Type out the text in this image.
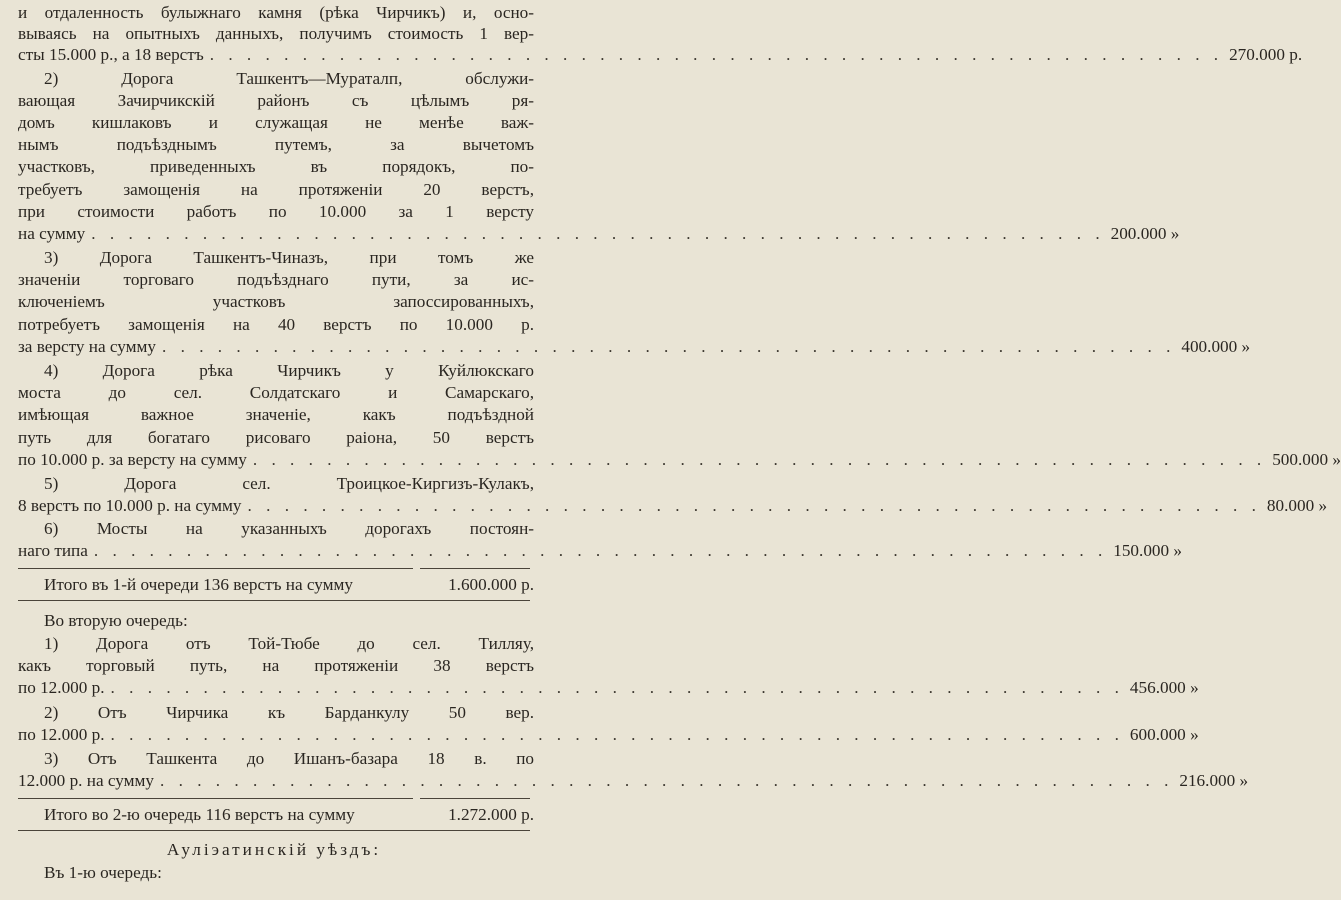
и отдаленность булыжнаго камня (рѣка Чирчикъ) и, осно-
вываясь на опытныхъ данныхъ, получимъ стоимость 1 вер-
сты 15.000 р., а 18 верстъ . . .	270.000 р.
2) Дорога Ташкентъ—Мураталп, обслужи-
вающая Зачирчикскій районъ съ цѣлымъ ря-
домъ кишлаковъ и служащая не менѣе важ-
нымъ подъѣзднымъ путемъ, за вычетомъ
участковъ, приведенныхъ въ порядокъ, по-
требуетъ замощенія на протяженіи 20 верстъ,
при стоимости работъ по 10.000 за 1 версту
на сумму . . .	200.000 »
3) Дорога Ташкентъ-Чиназъ, при томъ же
значеніи торговаго подъѣзднаго пути, за ис-
ключеніемъ участковъ запоссированныхъ,
потребуетъ замощенія на 40 верстъ по 10.000 р.
за версту на сумму . . .	400.000 »
4) Дорога рѣка Чирчикъ у Куйлюкскаго
моста до сел. Солдатскаго и Самарскаго,
имѣющая важное значеніе, какъ подъѣздной
путь для богатаго рисоваго раіона, 50 верстъ
по 10.000 р. за версту на сумму . . .	500.000 »
5) Дорога сел. Троицкое-Киргизъ-Кулакъ,
8 верстъ по 10.000 р. на сумму . . .	80.000 »
6) Мосты на указанныхъ дорогахъ постоян-
наго типа . . .	150.000 »
Итого въ 1-й очереди 136 верстъ на сумму	1.600.000 р.
Во вторую очередь:
1) Дорога отъ Той-Тюбе до сел. Тилляу,
какъ торговый путь, на протяженіи 38 верстъ
по 12.000 р. . . .	456.000 »
2) Отъ Чирчика къ Барданкулу 50 вер.
по 12.000 р. . . .	600.000 »
3) Отъ Ташкента до Ишанъ-базара 18 в. по
12.000 р. на сумму . . .	216.000 »
Итого во 2-ю очередь 116 верстъ на сумму	1.272.000 р.
Ауліэатинскій уѣздъ:
Въ 1-ю очередь:
